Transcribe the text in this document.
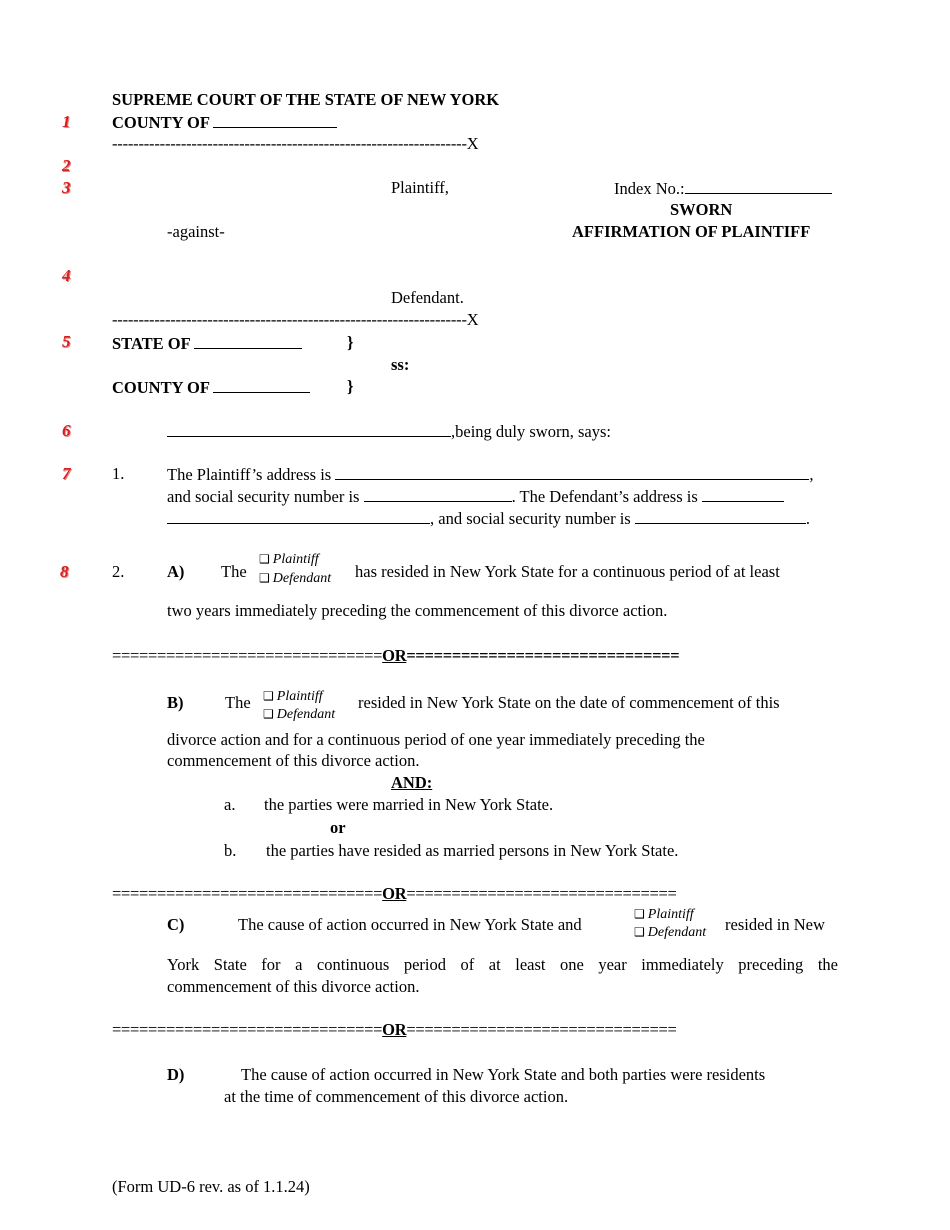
1
2
3
4
5
6
7
8
SUPREME COURT OF THE STATE OF NEW YORK
COUNTY OF
-------------------------------------------------------------------X
Plaintiff,	Index No.:
SWORN
-against-	AFFIRMATION OF PLAINTIFF
Defendant.
-------------------------------------------------------------------X
STATE OF	}
ss:
COUNTY OF	}
,being duly sworn, says:
1.	The Plaintiff’s address is	,
and social security number is	. The Defendant’s address is
, and social security number is	.
2.	A) The
❑ Plaintiff
❑ Defendant has resided in New York State for a continuous period of at least
two years immediately preceding the commencement of this divorce action.
==============================OR==============================
B)	The ❑ Plaintiff
❑ Defendant
resided in New York State on the date of commencement of this
divorce action and for a continuous period of one year immediately preceding the
commencement of this divorce action.
AND:
a. the parties were married in New York State.
or
b. the parties have resided as married persons in New York State.
==============================OR==============================
C)	The cause of action occurred in New York State and
❑ Plaintiff
❑ Defendant resided in New
York State for a continuous period of at least one year immediately preceding the
commencement of this divorce action.
==============================OR==============================
D)	The cause of action occurred in New York State and both parties were residents
at the time of commencement of this divorce action.
(Form UD-6 rev. as of 1.1.24)
